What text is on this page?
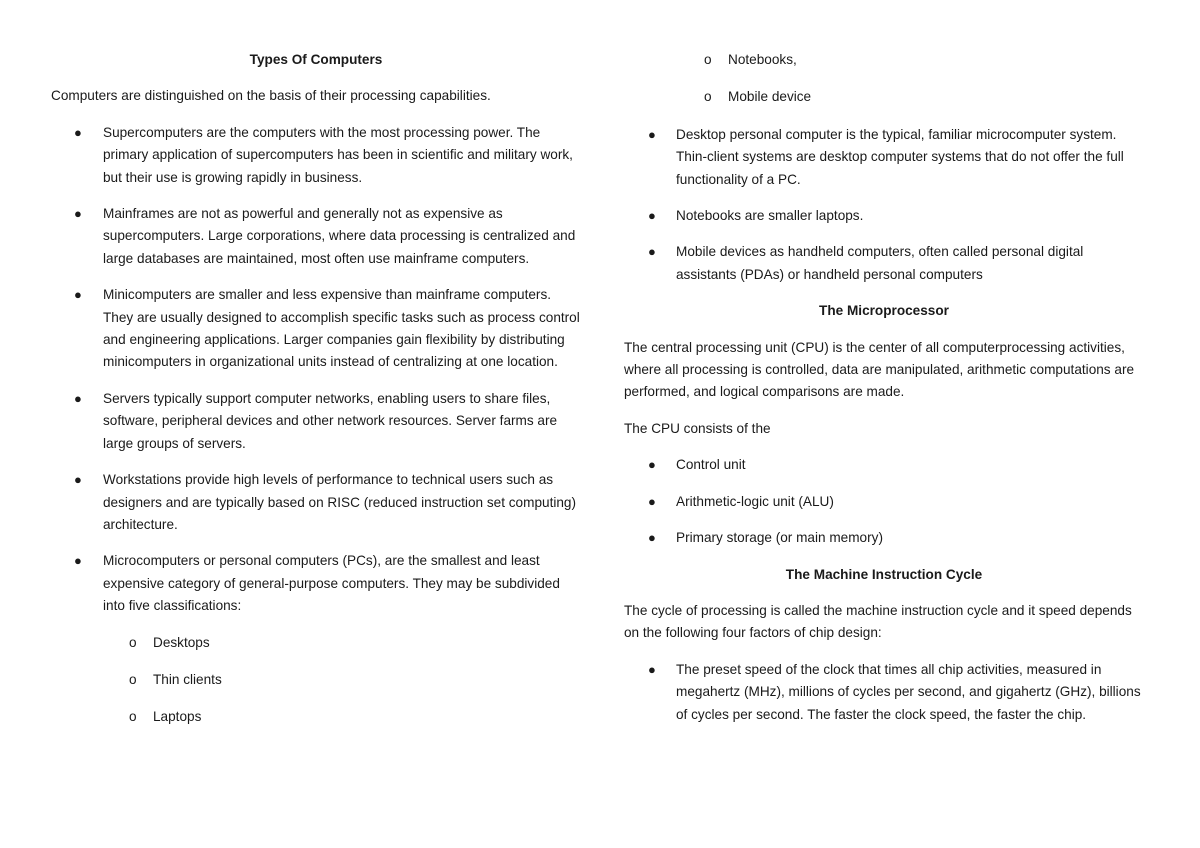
Types Of Computers

Computers are distinguished on the basis of their processing capabilities.

● Supercomputers are the computers with the most processing power. The primary application of supercomputers has been in scientific and military work, but their use is growing rapidly in business.
● Mainframes are not as powerful and generally not as expensive as supercomputers. Large corporations, where data processing is centralized and large databases are maintained, most often use mainframe computers.
● Minicomputers are smaller and less expensive than mainframe computers. They are usually designed to accomplish specific tasks such as process control and engineering applications. Larger companies gain flexibility by distributing minicomputers in organizational units instead of centralizing at one location.
● Servers typically support computer networks, enabling users to share files, software, peripheral devices and other network resources. Server farms are large groups of servers.
● Workstations provide high levels of performance to technical users such as designers and are typically based on RISC (reduced instruction set computing) architecture.
● Microcomputers or personal computers (PCs), are the smallest and least expensive category of general-purpose computers. They may be subdivided into five classifications:
o Desktops
o Thin clients
o Laptops
o Notebooks,
o Mobile device
● Desktop personal computer is the typical, familiar microcomputer system. Thin-client systems are desktop computer systems that do not offer the full functionality of a PC.
● Notebooks are smaller laptops.
● Mobile devices as handheld computers, often called personal digital assistants (PDAs) or handheld personal computers
The Microprocessor

The central processing unit (CPU) is the center of all computerprocessing activities, where all processing is controlled, data are manipulated, arithmetic computations are performed, and logical comparisons are made.

The CPU consists of the

● Control unit
● Arithmetic-logic unit (ALU)
● Primary storage (or main memory)
The Machine Instruction Cycle

The cycle of processing is called the machine instruction cycle and it speed depends on the following four factors of chip design:

● The preset speed of the clock that times all chip activities, measured in megahertz (MHz), millions of cycles per second, and gigahertz (GHz), billions of cycles per second. The faster the clock speed, the faster the chip.
